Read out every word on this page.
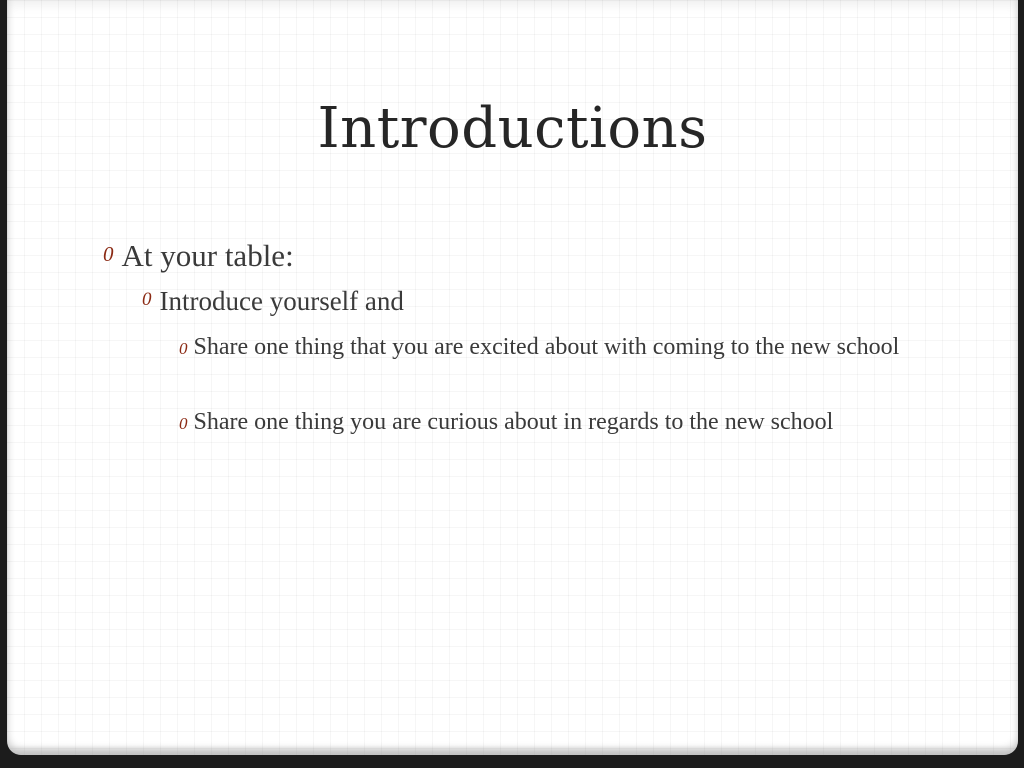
Introductions
0 At your table:
0 Introduce yourself and
0 Share one thing that you are excited about with coming to the new school
0 Share one thing you are curious about in regards to the new school
